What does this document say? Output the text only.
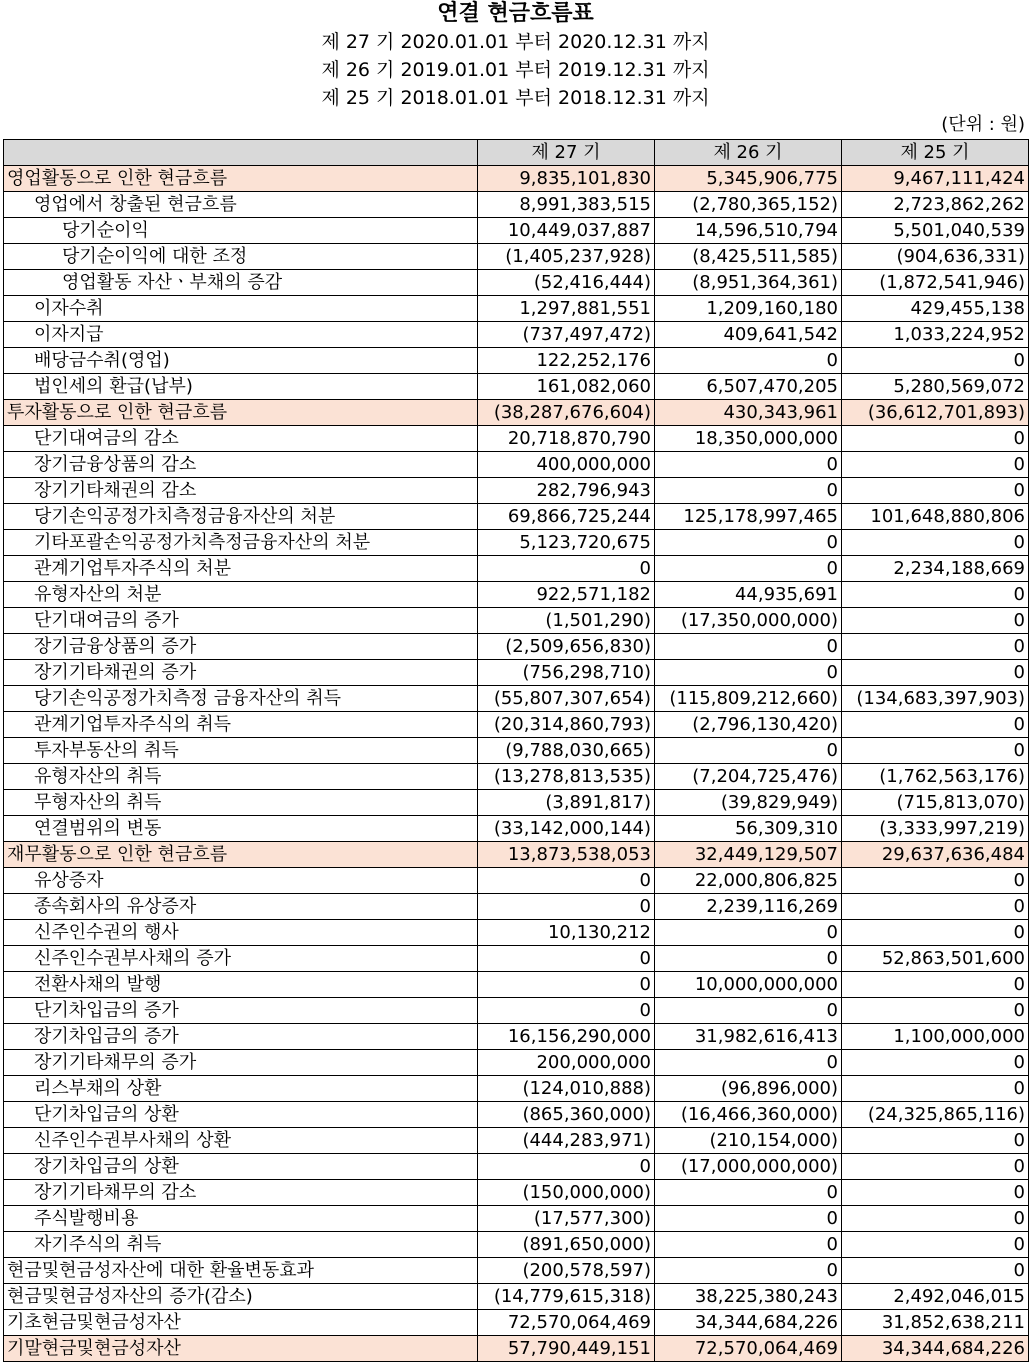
연결 현금흐름표
제 27 기 2020.01.01 부터 2020.12.31 까지
제 26 기 2019.01.01 부터 2019.12.31 까지
제 25 기 2018.01.01 부터 2018.12.31 까지
(단위 : 원)
	제 27 기	제 26 기	제 25 기
영업활동으로 인한 현금흐름	9,835,101,830	5,345,906,775	9,467,111,424
영업에서 창출된 현금흐름	8,991,383,515	(2,780,365,152)	2,723,862,262
당기순이익	10,449,037,887	14,596,510,794	5,501,040,539
당기순이익에 대한 조정	(1,405,237,928)	(8,425,511,585)	(904,636,331)
영업활동 자산ㆍ부채의 증감	(52,416,444)	(8,951,364,361)	(1,872,541,946)
이자수취	1,297,881,551	1,209,160,180	429,455,138
이자지급	(737,497,472)	409,641,542	1,033,224,952
배당금수취(영업)	122,252,176	0	0
법인세의 환급(납부)	161,082,060	6,507,470,205	5,280,569,072
투자활동으로 인한 현금흐름	(38,287,676,604)	430,343,961	(36,612,701,893)
단기대여금의 감소	20,718,870,790	18,350,000,000	0
장기금융상품의 감소	400,000,000	0	0
장기기타채권의 감소	282,796,943	0	0
당기손익공정가치측정금융자산의 처분	69,866,725,244	125,178,997,465	101,648,880,806
기타포괄손익공정가치측정금융자산의 처분	5,123,720,675	0	0
관계기업투자주식의 처분	0	0	2,234,188,669
유형자산의 처분	922,571,182	44,935,691	0
단기대여금의 증가	(1,501,290)	(17,350,000,000)	0
장기금융상품의 증가	(2,509,656,830)	0	0
장기기타채권의 증가	(756,298,710)	0	0
당기손익공정가치측정 금융자산의 취득	(55,807,307,654)	(115,809,212,660)	(134,683,397,903)
관계기업투자주식의 취득	(20,314,860,793)	(2,796,130,420)	0
투자부동산의 취득	(9,788,030,665)	0	0
유형자산의 취득	(13,278,813,535)	(7,204,725,476)	(1,762,563,176)
무형자산의 취득	(3,891,817)	(39,829,949)	(715,813,070)
연결범위의 변동	(33,142,000,144)	56,309,310	(3,333,997,219)
재무활동으로 인한 현금흐름	13,873,538,053	32,449,129,507	29,637,636,484
유상증자	0	22,000,806,825	0
종속회사의 유상증자	0	2,239,116,269	0
신주인수권의 행사	10,130,212	0	0
신주인수권부사채의 증가	0	0	52,863,501,600
전환사채의 발행	0	10,000,000,000	0
단기차입금의 증가	0	0	0
장기차입금의 증가	16,156,290,000	31,982,616,413	1,100,000,000
장기기타채무의 증가	200,000,000	0	0
리스부채의 상환	(124,010,888)	(96,896,000)	0
단기차입금의 상환	(865,360,000)	(16,466,360,000)	(24,325,865,116)
신주인수권부사채의 상환	(444,283,971)	(210,154,000)	0
장기차입금의 상환	0	(17,000,000,000)	0
장기기타채무의 감소	(150,000,000)	0	0
주식발행비용	(17,577,300)	0	0
자기주식의 취득	(891,650,000)	0	0
현금및현금성자산에 대한 환율변동효과	(200,578,597)	0	0
현금및현금성자산의 증가(감소)	(14,779,615,318)	38,225,380,243	2,492,046,015
기초현금및현금성자산	72,570,064,469	34,344,684,226	31,852,638,211
기말현금및현금성자산	57,790,449,151	72,570,064,469	34,344,684,226
